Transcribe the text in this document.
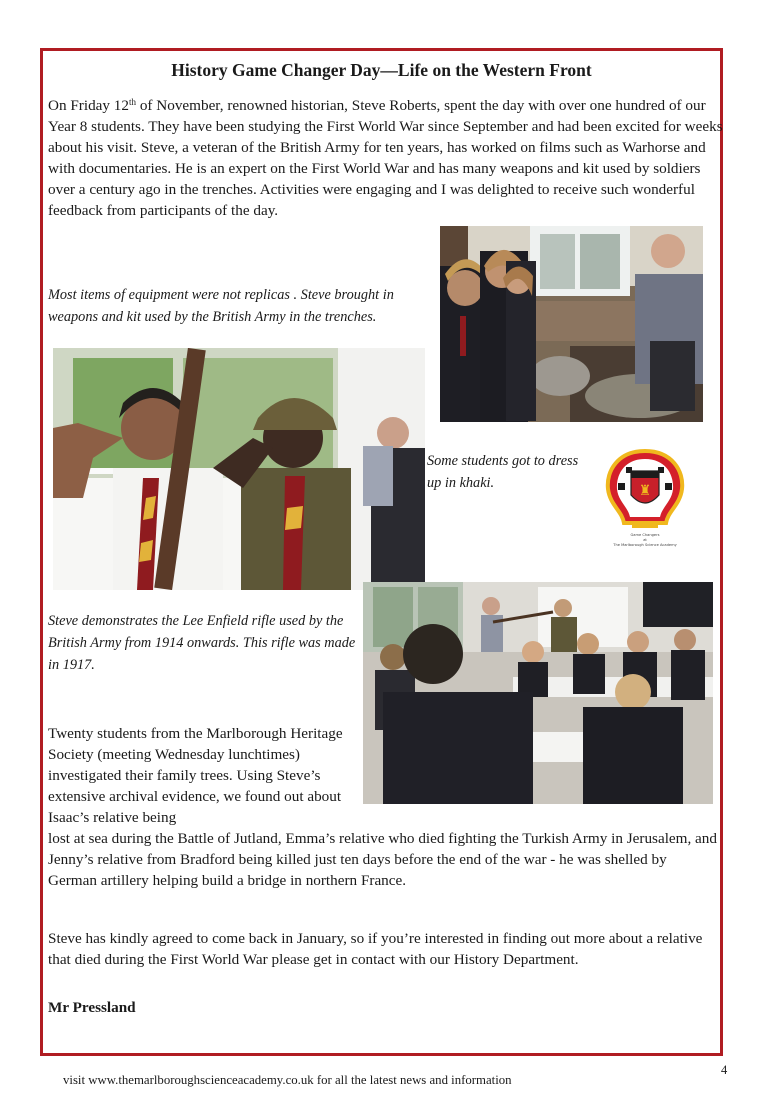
History Game Changer Day—Life on the Western Front

On Friday 12th of November, renowned historian, Steve Roberts, spent the day with over one hundred of our Year 8 students. They have been studying the First World War since September and had been excited for weeks about his visit. Steve, a veteran of the British Army for ten years, has worked on films such as Warhorse and with documentaries. He is an expert on the First World War and has many weapons and kit used by soldiers over a century ago in the trenches. Activities were engaging and I was delighted to receive such wonderful feedback from participants of the day.

Most items of equipment were not replicas . Steve brought in weapons and kit used by the British Army in the trenches.

Some students got to dress up in khaki.	♜
Game Changers
at
The Marlborough Science Academy

Steve demonstrates the Lee Enfield rifle used by the British Army from 1914 onwards. This rifle was made in 1917.

Twenty students from the Marlborough Heritage Society (meeting Wednesday lunchtimes) investigated their family trees. Using Steve’s extensive archival evidence, we found out about Isaac’s relative being

lost at sea during the Battle of Jutland, Emma’s relative who died fighting the Turkish Army in Jerusalem, and Jenny’s relative from Bradford being killed just ten days before the end of the war - he was shelled by German artillery helping build a bridge in northern France.

Steve has kindly agreed to come back in January, so if you’re interested in finding out more about a relative that died during the First World War please get in contact with our History Department.

Mr Pressland

visit www.themarlboroughscienceacademy.co.uk for all the latest news and information

4
